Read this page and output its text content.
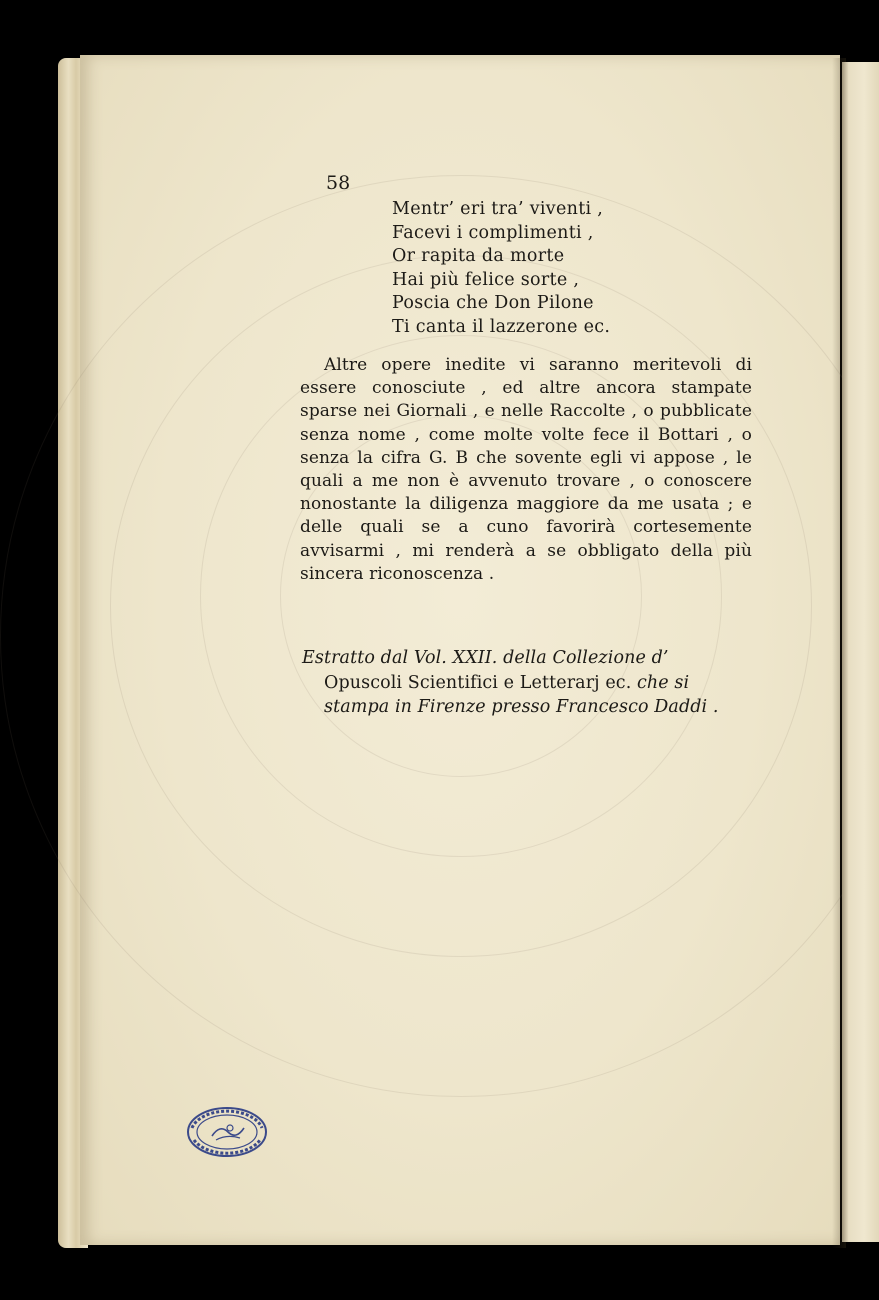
58
Mentr’ eri tra’ viventi ,
Facevi i complimenti ,
Or rapita da morte
Hai più felice sorte ,
Poscia che Don Pilone
Ti canta il lazzerone ec.

Altre opere inedite vi saranno meritevoli di essere conosciute , ed altre ancora stampate sparse nei Giornali , e nelle Raccolte , o pubblicate senza nome , come molte volte fece il Bottari , o senza la cifra G. B che sovente egli vi appose , le quali a me non è avvenuto trovare , o conoscere nonostante la diligenza maggiore da me usata ; e delle quali se a cuno favorirà cortesemente avvisarmi , mi renderà a se obbligato della più sincera riconoscenza .

Estratto dal Vol. XXII. della Collezione d’ Opuscoli Scientifici e Letterarj ec. che si stampa in Firenze presso Francesco Daddi .
